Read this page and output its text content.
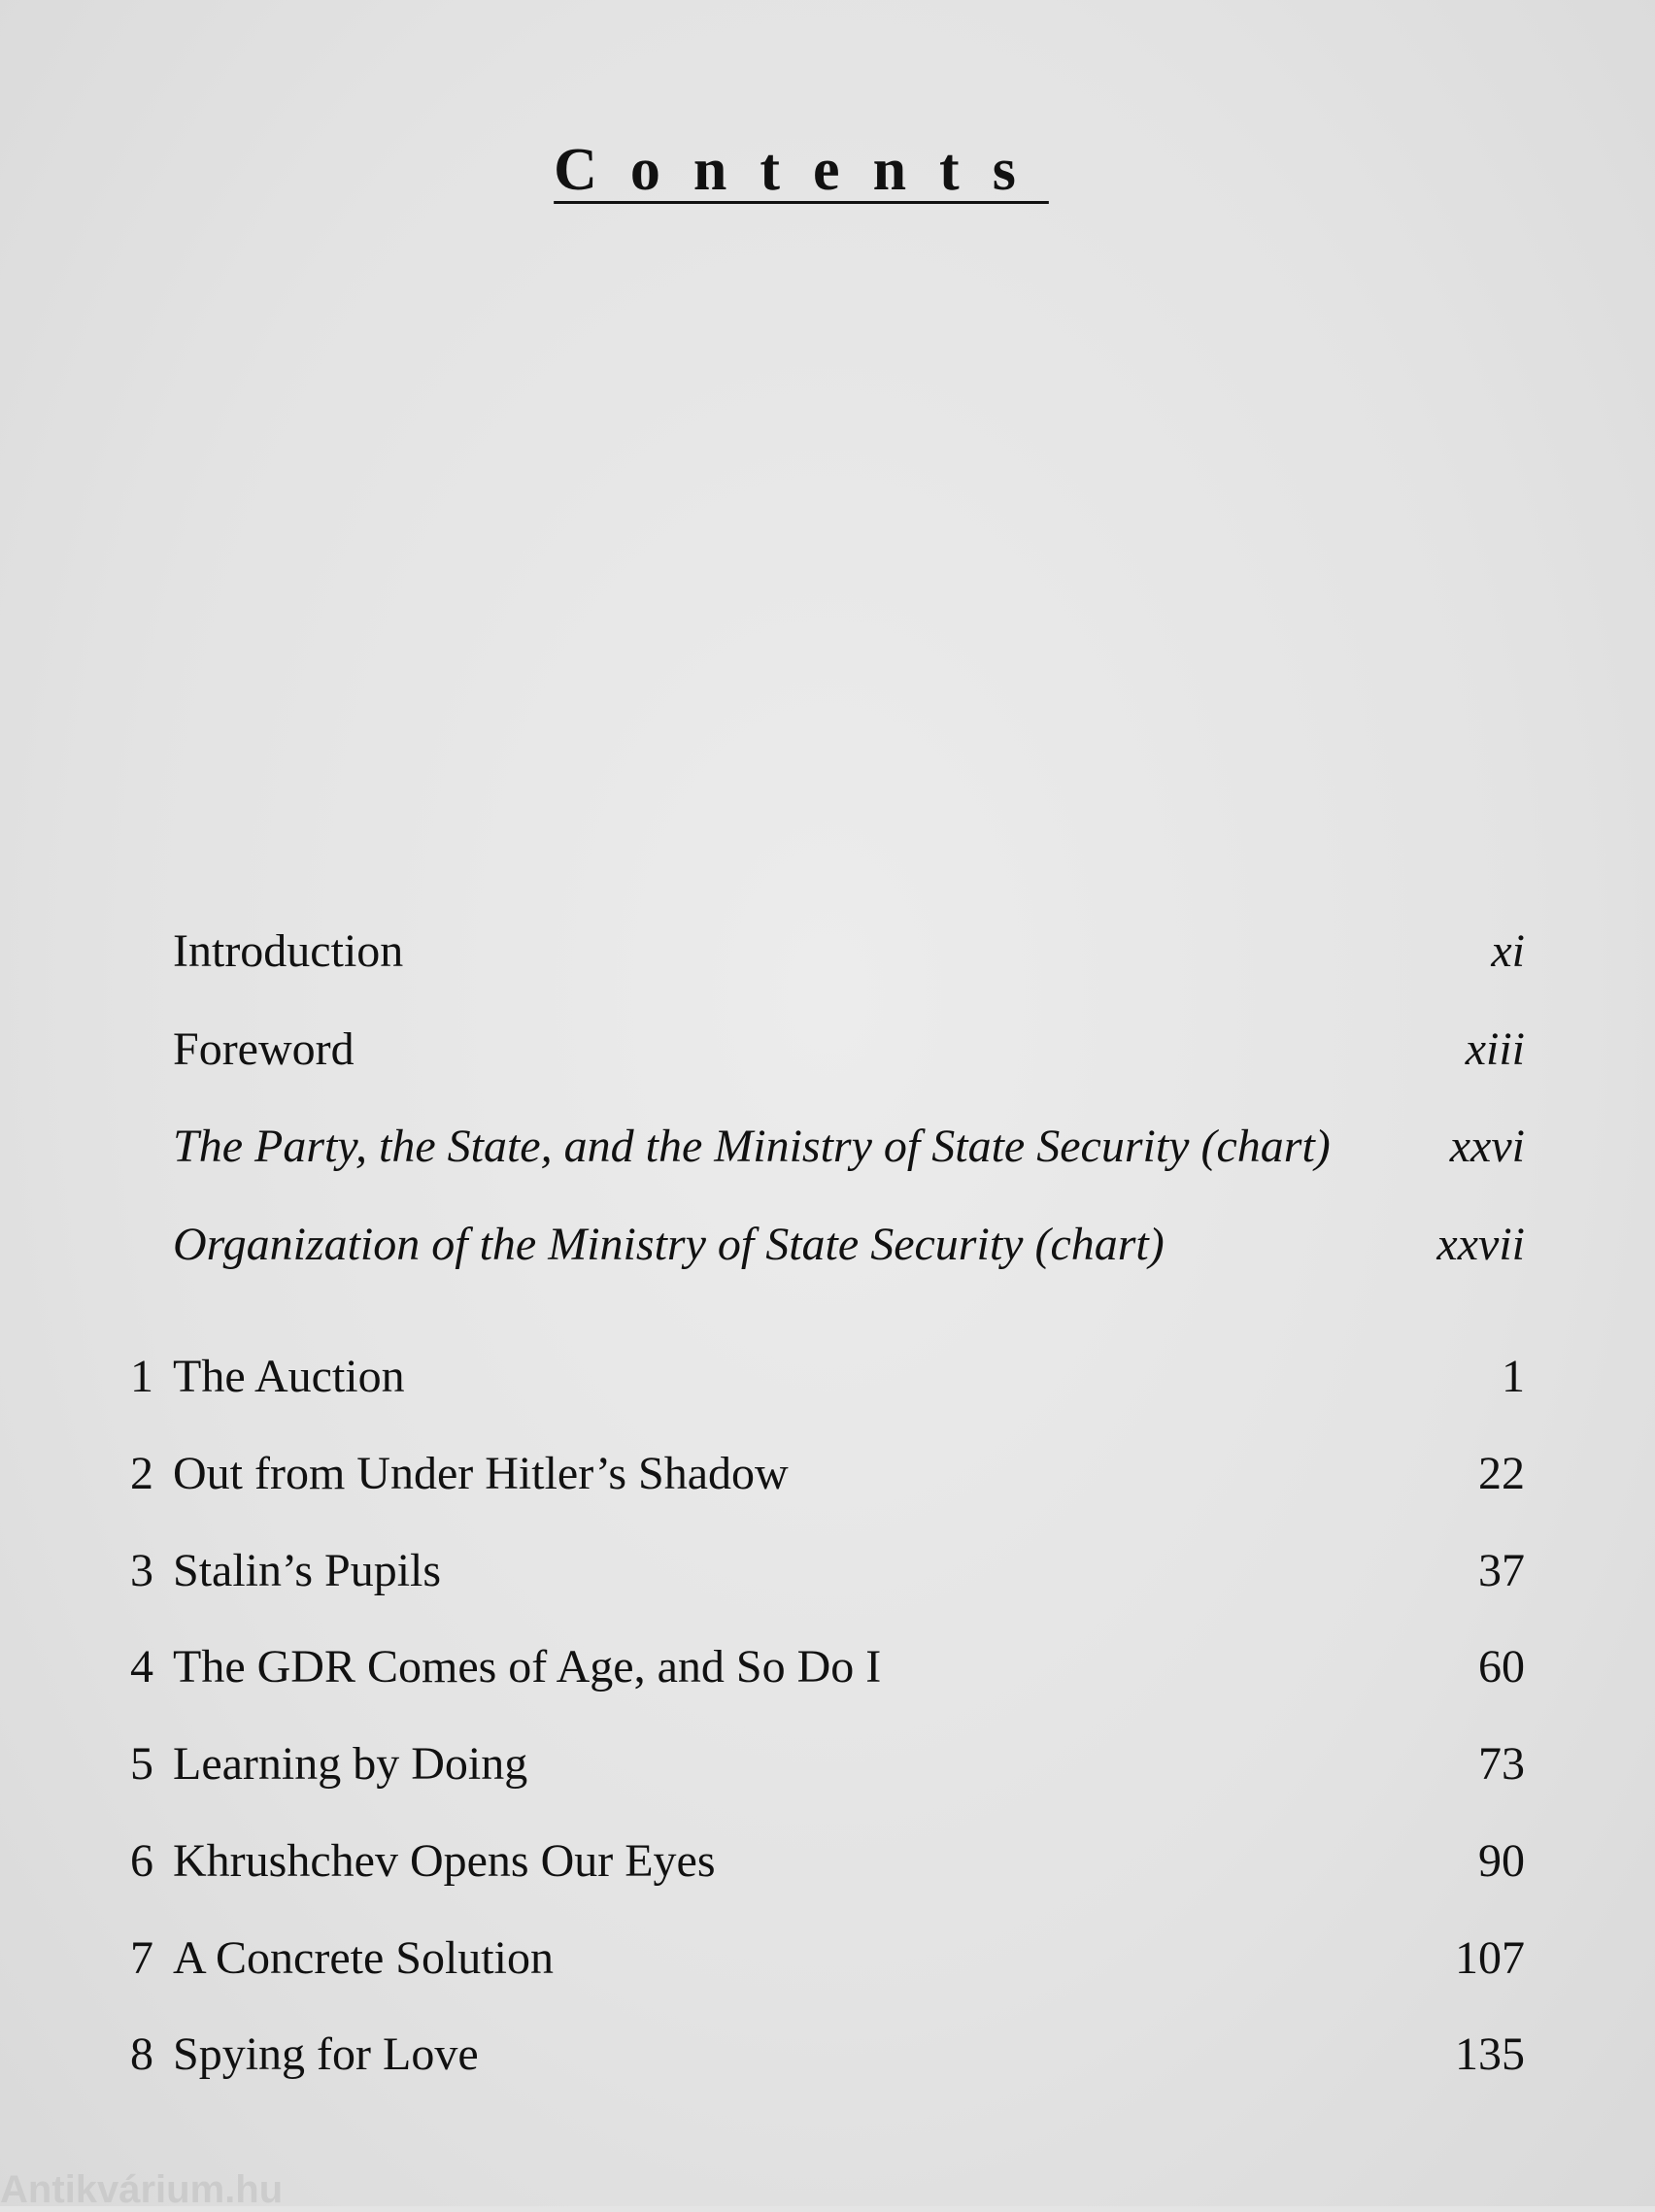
Contents
Introduction	xi
Foreword	xiii
The Party, the State, and the Ministry of State Security (chart)	xxvi
Organization of the Ministry of State Security (chart)	xxvii
1 The Auction	1
2 Out from Under Hitler’s Shadow	22
3 Stalin’s Pupils	37
4 The GDR Comes of Age, and So Do I	60
5 Learning by Doing	73
6 Khrushchev Opens Our Eyes	90
7 A Concrete Solution	107
8 Spying for Love	135
Antikvárium.hu
